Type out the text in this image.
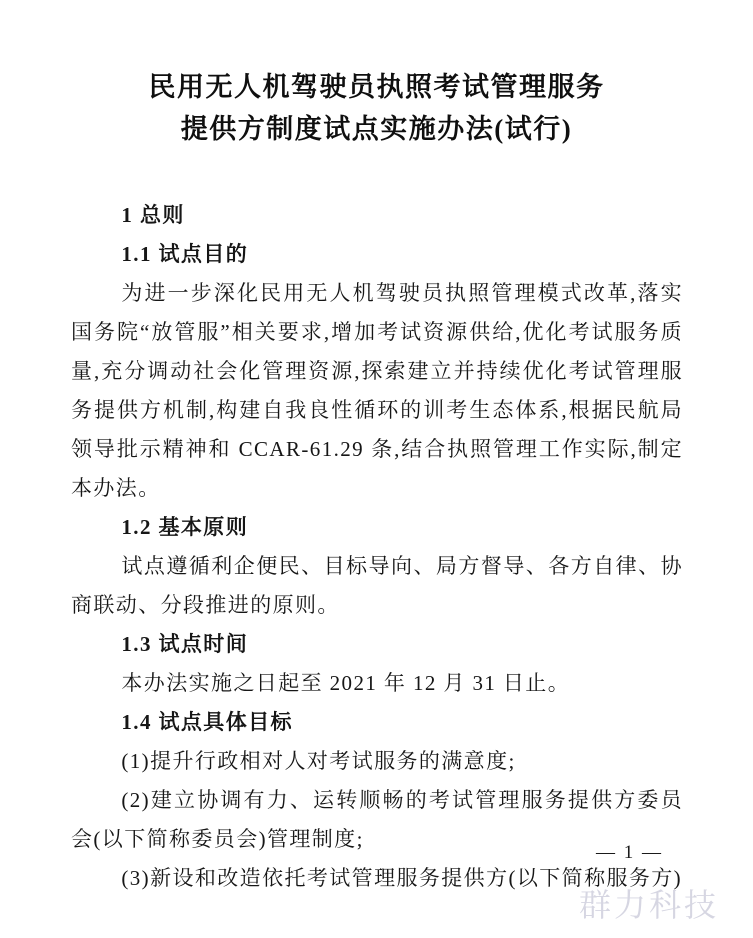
民用无人机驾驶员执照考试管理服务
提供方制度试点实施办法(试行)
1 总则
1.1 试点目的
为进一步深化民用无人机驾驶员执照管理模式改革,落实国务院“放管服”相关要求,增加考试资源供给,优化考试服务质量,充分调动社会化管理资源,探索建立并持续优化考试管理服务提供方机制,构建自我良性循环的训考生态体系,根据民航局领导批示精神和 CCAR-61.29 条,结合执照管理工作实际,制定本办法。
1.2 基本原则
试点遵循利企便民、目标导向、局方督导、各方自律、协商联动、分段推进的原则。
1.3 试点时间
本办法实施之日起至 2021 年 12 月 31 日止。
1.4 试点具体目标
(1)提升行政相对人对考试服务的满意度;
(2)建立协调有力、运转顺畅的考试管理服务提供方委员会(以下简称委员会)管理制度;
(3)新设和改造依托考试管理服务提供方(以下简称服务方)
— 1 —
群力科技
